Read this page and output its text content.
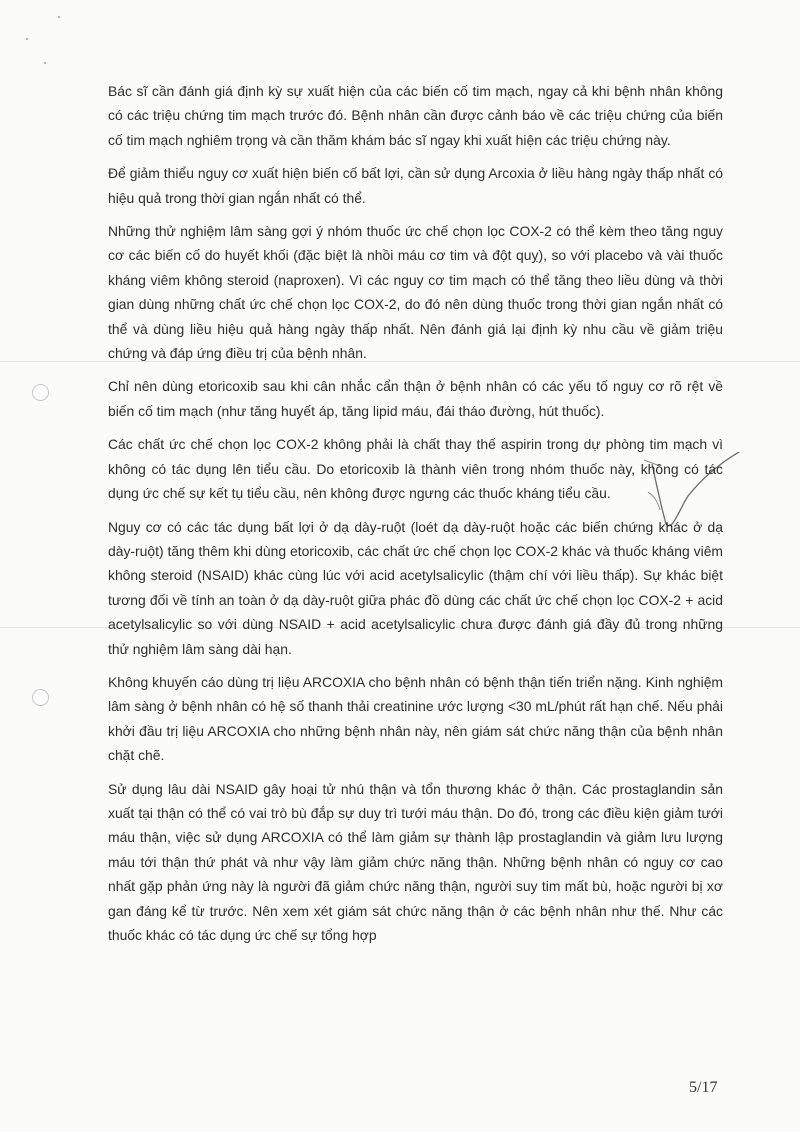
Bác sĩ cần đánh giá định kỳ sự xuất hiện của các biến cố tim mạch, ngay cả khi bệnh nhân không có các triệu chứng tim mạch trước đó. Bệnh nhân cần được cảnh báo về các triệu chứng của biến cố tim mạch nghiêm trọng và cần thăm khám bác sĩ ngay khi xuất hiện các triệu chứng này.

Để giảm thiểu nguy cơ xuất hiện biến cố bất lợi, cần sử dụng Arcoxia ở liều hàng ngày thấp nhất có hiệu quả trong thời gian ngắn nhất có thể.

Những thử nghiệm lâm sàng gợi ý nhóm thuốc ức chế chọn lọc COX-2 có thể kèm theo tăng nguy cơ các biến cố do huyết khối (đặc biệt là nhồi máu cơ tim và đột quỵ), so với placebo và vài thuốc kháng viêm không steroid (naproxen). Vì các nguy cơ tim mạch có thể tăng theo liều dùng và thời gian dùng những chất ức chế chọn lọc COX-2, do đó nên dùng thuốc trong thời gian ngắn nhất có thể và dùng liều hiệu quả hàng ngày thấp nhất. Nên đánh giá lại định kỳ nhu cầu về giảm triệu chứng và đáp ứng điều trị của bệnh nhân.

Chỉ nên dùng etoricoxib sau khi cân nhắc cẩn thận ở bệnh nhân có các yếu tố nguy cơ rõ rệt về biến cố tim mạch (như tăng huyết áp, tăng lipid máu, đái tháo đường, hút thuốc).

Các chất ức chế chọn lọc COX-2 không phải là chất thay thế aspirin trong dự phòng tim mạch vì không có tác dụng lên tiểu cầu. Do etoricoxib là thành viên trong nhóm thuốc này, không có tác dụng ức chế sự kết tụ tiểu cầu, nên không được ngưng các thuốc kháng tiểu cầu.

Nguy cơ có các tác dụng bất lợi ở dạ dày-ruột (loét dạ dày-ruột hoặc các biến chứng khác ở dạ dày-ruột) tăng thêm khi dùng etoricoxib, các chất ức chế chọn lọc COX-2 khác và thuốc kháng viêm không steroid (NSAID) khác cùng lúc với acid acetylsalicylic (thậm chí với liều thấp). Sự khác biệt tương đối về tính an toàn ở dạ dày-ruột giữa phác đồ dùng các chất ức chế chọn lọc COX-2 + acid acetylsalicylic so với dùng NSAID + acid acetylsalicylic chưa được đánh giá đầy đủ trong những thử nghiệm lâm sàng dài hạn.

Không khuyến cáo dùng trị liệu ARCOXIA cho bệnh nhân có bệnh thận tiến triển nặng. Kinh nghiệm lâm sàng ở bệnh nhân có hệ số thanh thải creatinine ước lượng <30 mL/phút rất hạn chế. Nếu phải khởi đầu trị liệu ARCOXIA cho những bệnh nhân này, nên giám sát chức năng thận của bệnh nhân chặt chẽ.

Sử dụng lâu dài NSAID gây hoại tử nhú thận và tổn thương khác ở thận. Các prostaglandin sản xuất tại thận có thể có vai trò bù đắp sự duy trì tưới máu thận. Do đó, trong các điều kiện giảm tưới máu thận, việc sử dụng ARCOXIA có thể làm giảm sự thành lập prostaglandin và giảm lưu lượng máu tới thận thứ phát và như vậy làm giảm chức năng thận. Những bệnh nhân có nguy cơ cao nhất gặp phản ứng này là người đã giảm chức năng thận, người suy tim mất bù, hoặc người bị xơ gan đáng kể từ trước. Nên xem xét giám sát chức năng thận ở các bệnh nhân như thế. Như các thuốc khác có tác dụng ức chế sự tổng hợp

5/17
